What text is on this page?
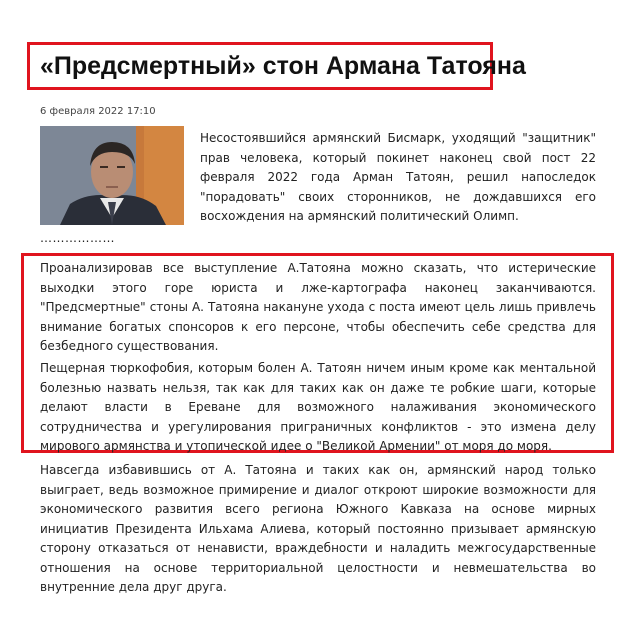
«Предсмертный» стон Армана Татояна
6 февраля 2022 17:10

Несостоявшийся армянский Бисмарк, уходящий "защитник" прав человека, который покинет наконец свой пост 22 февраля 2022 года Арман Татоян, решил напоследок "порадовать" своих сторонников, не дождавшихся его восхождения на армянский политический Олимп.

………………

Проанализировав все выступление А.Татояна можно сказать, что истерические выходки этого горе юриста и лже-картографа наконец заканчиваются. "Предсмертные" стоны А. Татояна накануне ухода с поста имеют цель лишь привлечь внимание богатых спонсоров к его персоне, чтобы обеспечить себе средства для безбедного существования.

Пещерная тюркофобия, которым болен А. Татоян ничем иным кроме как ментальной болезнью назвать нельзя, так как для таких как он даже те робкие шаги, которые делают власти в Ереване для возможного налаживания экономического сотрудничества и урегулирования приграничных конфликтов - это измена делу мирового армянства и утопической идее о "Великой Армении" от моря до моря.

Навсегда избавившись от А. Татояна и таких как он, армянский народ только выиграет, ведь возможное примирение и диалог откроют широкие возможности для экономического развития всего региона Южного Кавказа на основе мирных инициатив Президента Ильхама Алиева, который постоянно призывает армянскую сторону отказаться от ненависти, враждебности и наладить межгосударственные отношения на основе территориальной целостности и невмешательства во внутренние дела друг друга.
